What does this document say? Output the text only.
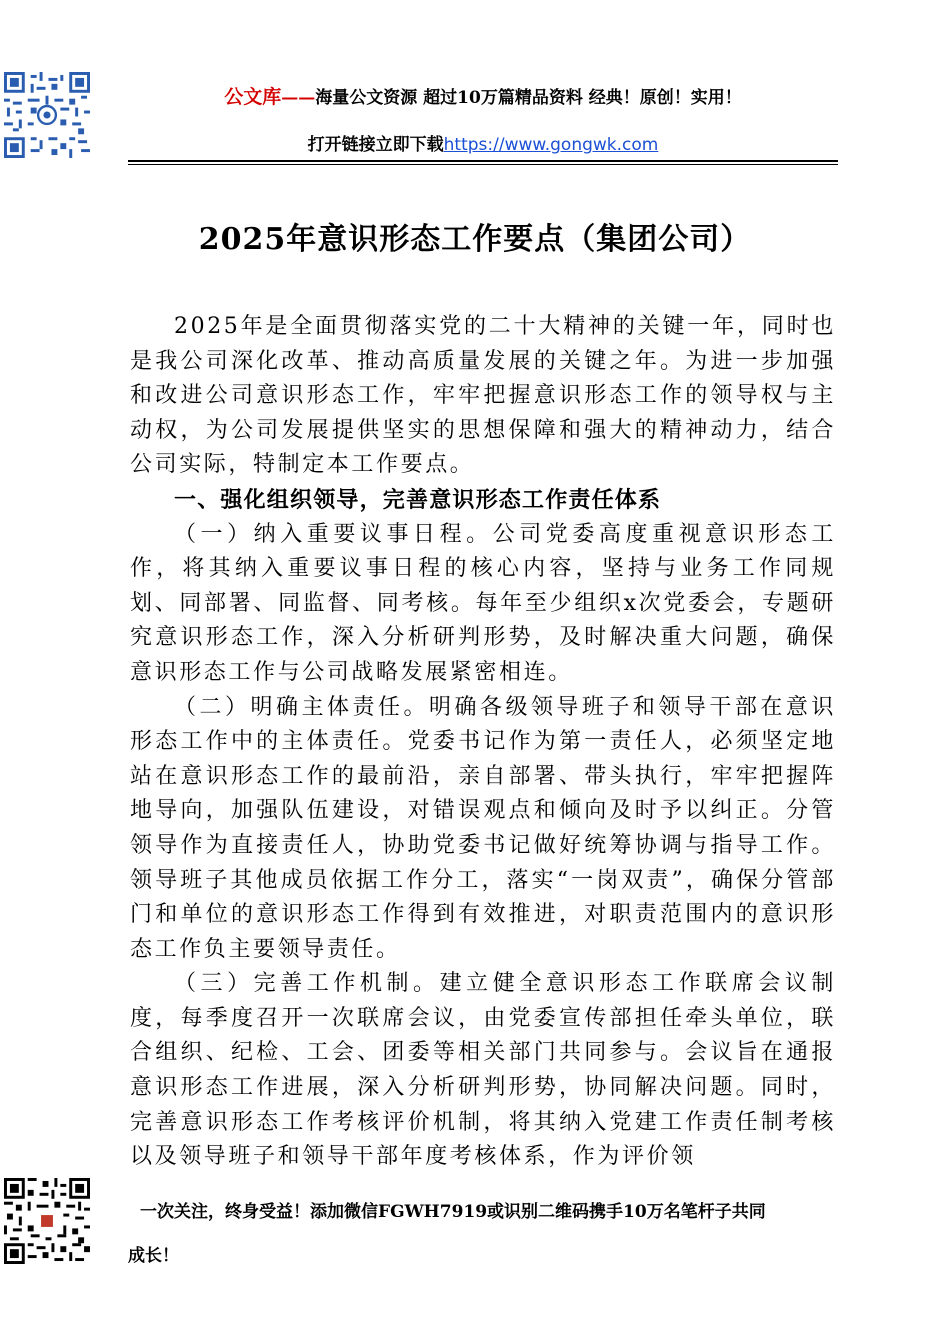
公文库——海量公文资源 超过10万篇精品资料 经典！原创！实用！
打开链接立即下载https://www.gongwk.com
2025年意识形态工作要点（集团公司）

2025年是全面贯彻落实党的二十大精神的关键一年，同时也是我公司深化改革、推动高质量发展的关键之年。为进一步加强和改进公司意识形态工作，牢牢把握意识形态工作的领导权与主动权，为公司发展提供坚实的思想保障和强大的精神动力，结合公司实际，特制定本工作要点。

一、强化组织领导，完善意识形态工作责任体系

（一）纳入重要议事日程。公司党委高度重视意识形态工作，将其纳入重要议事日程的核心内容，坚持与业务工作同规划、同部署、同监督、同考核。每年至少组织x次党委会，专题研究意识形态工作，深入分析研判形势，及时解决重大问题，确保意识形态工作与公司战略发展紧密相连。

（二）明确主体责任。明确各级领导班子和领导干部在意识形态工作中的主体责任。党委书记作为第一责任人，必须坚定地站在意识形态工作的最前沿，亲自部署、带头执行，牢牢把握阵地导向，加强队伍建设，对错误观点和倾向及时予以纠正。分管领导作为直接责任人，协助党委书记做好统筹协调与指导工作。领导班子其他成员依据工作分工，落实“一岗双责”，确保分管部门和单位的意识形态工作得到有效推进，对职责范围内的意识形态工作负主要领导责任。

（三）完善工作机制。建立健全意识形态工作联席会议制度，每季度召开一次联席会议，由党委宣传部担任牵头单位，联合组织、纪检、工会、团委等相关部门共同参与。会议旨在通报意识形态工作进展，深入分析研判形势，协同解决问题。同时，完善意识形态工作考核评价机制，将其纳入党建工作责任制考核以及领导班子和领导干部年度考核体系，作为评价领

一次关注，终身受益！添加微信FGWH7919或识别二维码携手10万名笔杆子共同
成长！
